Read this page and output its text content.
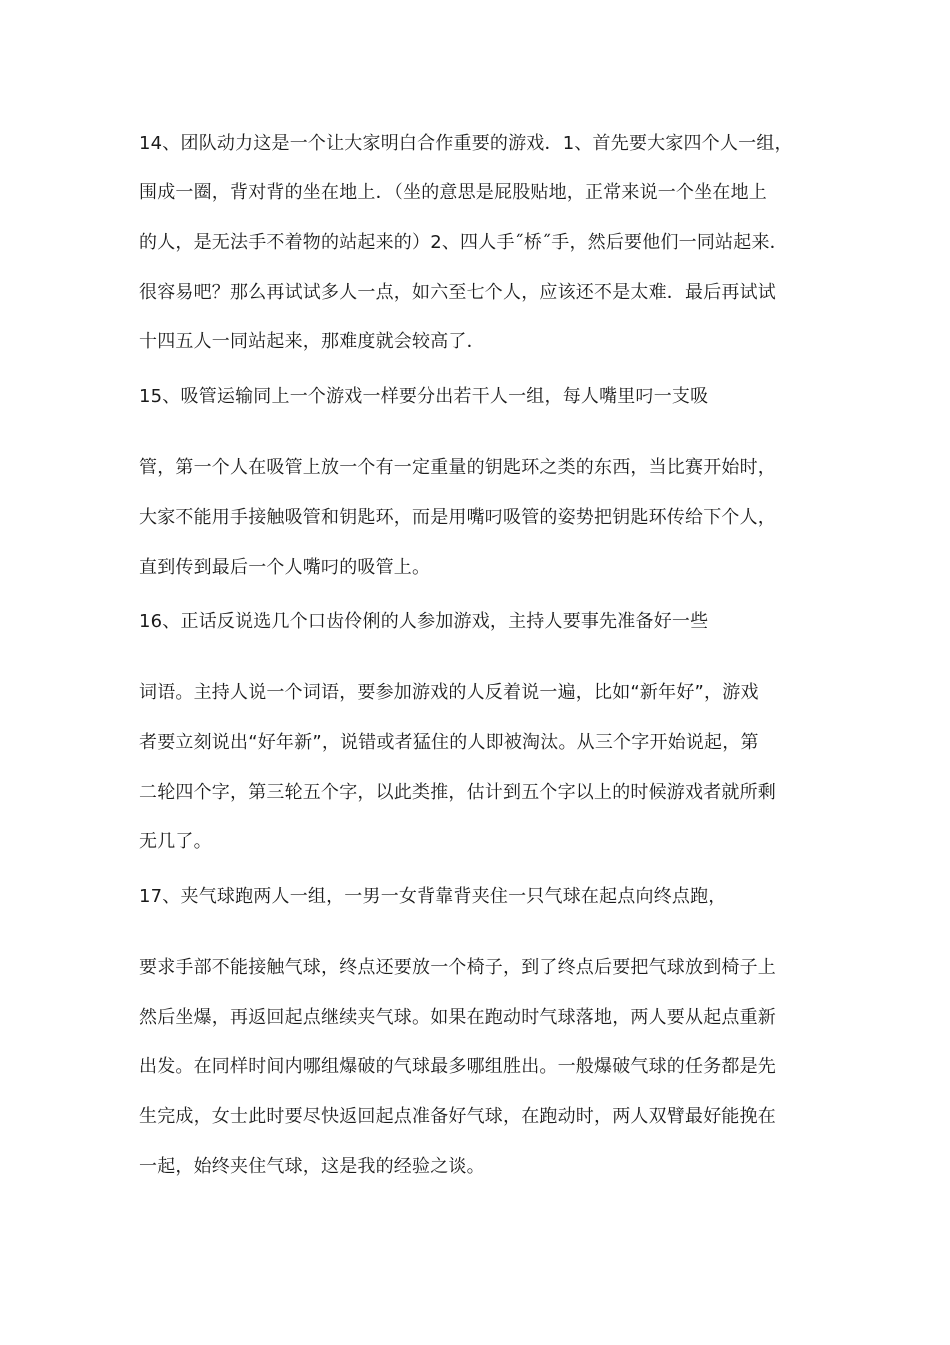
14、团队动力这是一个让大家明白合作重要的游戏．1、首先要大家四个人一组，
围成一圈，背对背的坐在地上．（坐的意思是屁股贴地，正常来说一个坐在地上
的人，是无法手不着物的站起来的）2、四人手˝桥˝手，然后要他们一同站起来．
很容易吧？那么再试试多人一点，如六至七个人，应该还不是太难．最后再试试
十四五人一同站起来，那难度就会较高了．
15、吸管运输同上一个游戏一样要分出若干人一组，每人嘴里叼一支吸
管，第一个人在吸管上放一个有一定重量的钥匙环之类的东西，当比赛开始时，
大家不能用手接触吸管和钥匙环，而是用嘴叼吸管的姿势把钥匙环传给下个人，
直到传到最后一个人嘴叼的吸管上。
16、正话反说选几个口齿伶俐的人参加游戏，主持人要事先准备好一些
词语。主持人说一个词语，要参加游戏的人反着说一遍，比如“新年好”，游戏
者要立刻说出“好年新”，说错或者猛住的人即被淘汰。从三个字开始说起，第
二轮四个字，第三轮五个字，以此类推，估计到五个字以上的时候游戏者就所剩
无几了。
17、夹气球跑两人一组，一男一女背靠背夹住一只气球在起点向终点跑，
要求手部不能接触气球，终点还要放一个椅子，到了终点后要把气球放到椅子上
然后坐爆，再返回起点继续夹气球。如果在跑动时气球落地，两人要从起点重新
出发。在同样时间内哪组爆破的气球最多哪组胜出。一般爆破气球的任务都是先
生完成，女士此时要尽快返回起点准备好气球，在跑动时，两人双臂最好能挽在
一起，始终夹住气球，这是我的经验之谈。
